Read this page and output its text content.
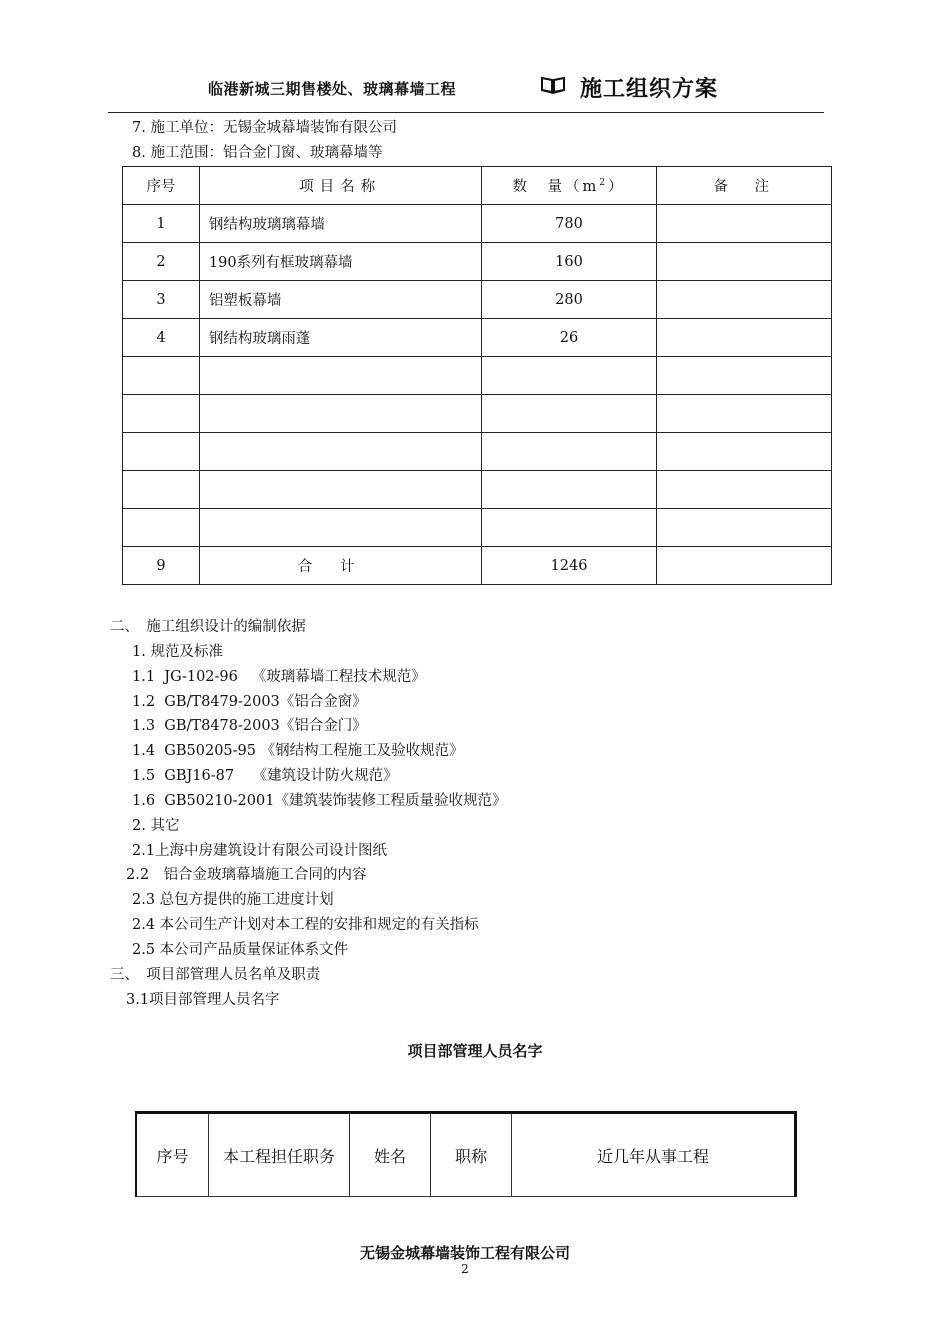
临港新城三期售楼处、玻璃幕墙工程	施工组织方案
7. 施工单位：无锡金城幕墙装饰有限公司
8. 施工范围：铝合金门窗、玻璃幕墙等
序号	项目名称	数　量$(m^2)$	备　注
1	钢结构玻璃璃幕墙	780	
2	190系列有框玻璃幕墙	160	
3	铝塑板幕墙	280	
4	钢结构玻璃雨蓬	26	

9	合计	1246	
二、　施工组织设计的编制依据
1. 规范及标准
1.1  JG-102-96   《玻璃幕墙工程技术规范》
1.2  GB/T8479-2003《铝合金窗》
1.3  GB/T8478-2003《铝合金门》
1.4  GB50205-95 《钢结构工程施工及验收规范》
1.5  GBJ16-87    《建筑设计防火规范》
1.6  GB50210-2001《建筑装饰装修工程质量验收规范》
2. 其它
2.1上海中房建筑设计有限公司设计图纸
2.2　铝合金玻璃幕墙施工合同的内容
2.3 总包方提供的施工进度计划
2.4 本公司生产计划对本工程的安排和规定的有关指标
2.5 本公司产品质量保证体系文件
三、　项目部管理人员名单及职责
3.1项目部管理人员名字
项目部管理人员名字
序号	本工程担任职务	姓名	职称	近几年从事工程
无锡金城幕墙装饰工程有限公司
2
